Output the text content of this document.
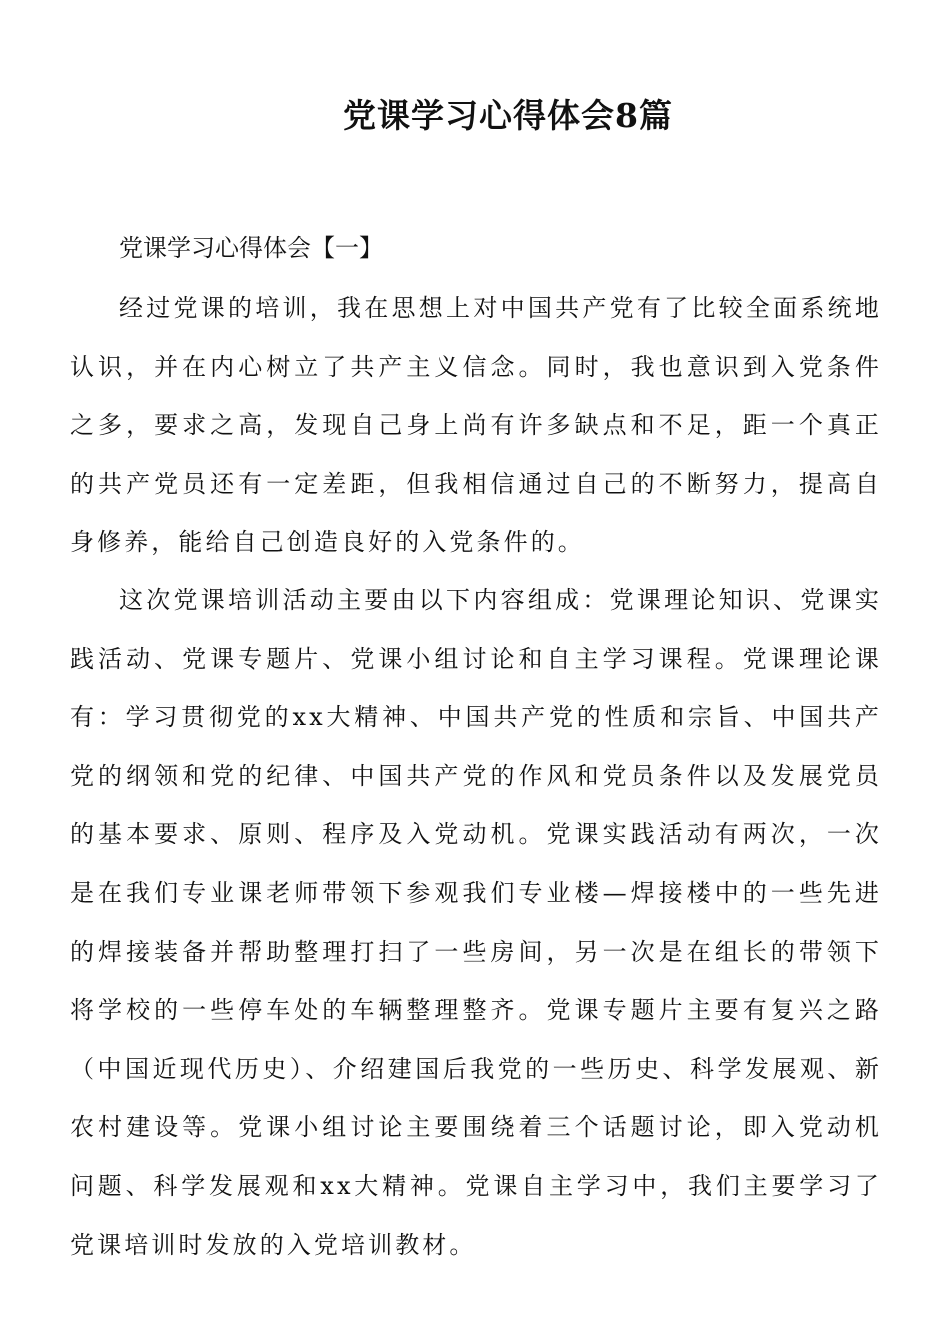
党课学习心得体会8篇
党课学习心得体会【一】
经过党课的培训，我在思想上对中国共产党有了比较全面系统地认识，并在内心树立了共产主义信念。同时，我也意识到入党条件之多，要求之高，发现自己身上尚有许多缺点和不足，距一个真正的共产党员还有一定差距，但我相信通过自己的不断努力，提高自身修养，能给自己创造良好的入党条件的。
这次党课培训活动主要由以下内容组成：党课理论知识、党课实践活动、党课专题片、党课小组讨论和自主学习课程。党课理论课有：学习贯彻党的xx大精神、中国共产党的性质和宗旨、中国共产党的纲领和党的纪律、中国共产党的作风和党员条件以及发展党员的基本要求、原则、程序及入党动机。党课实践活动有两次，一次是在我们专业课老师带领下参观我们专业楼—焊接楼中的一些先进的焊接装备并帮助整理打扫了一些房间，另一次是在组长的带领下将学校的一些停车处的车辆整理整齐。党课专题片主要有复兴之路（中国近现代历史）、介绍建国后我党的一些历史、科学发展观、新农村建设等。党课小组讨论主要围绕着三个话题讨论，即入党动机问题、科学发展观和xx大精神。党课自主学习中，我们主要学习了党课培训时发放的入党培训教材。
